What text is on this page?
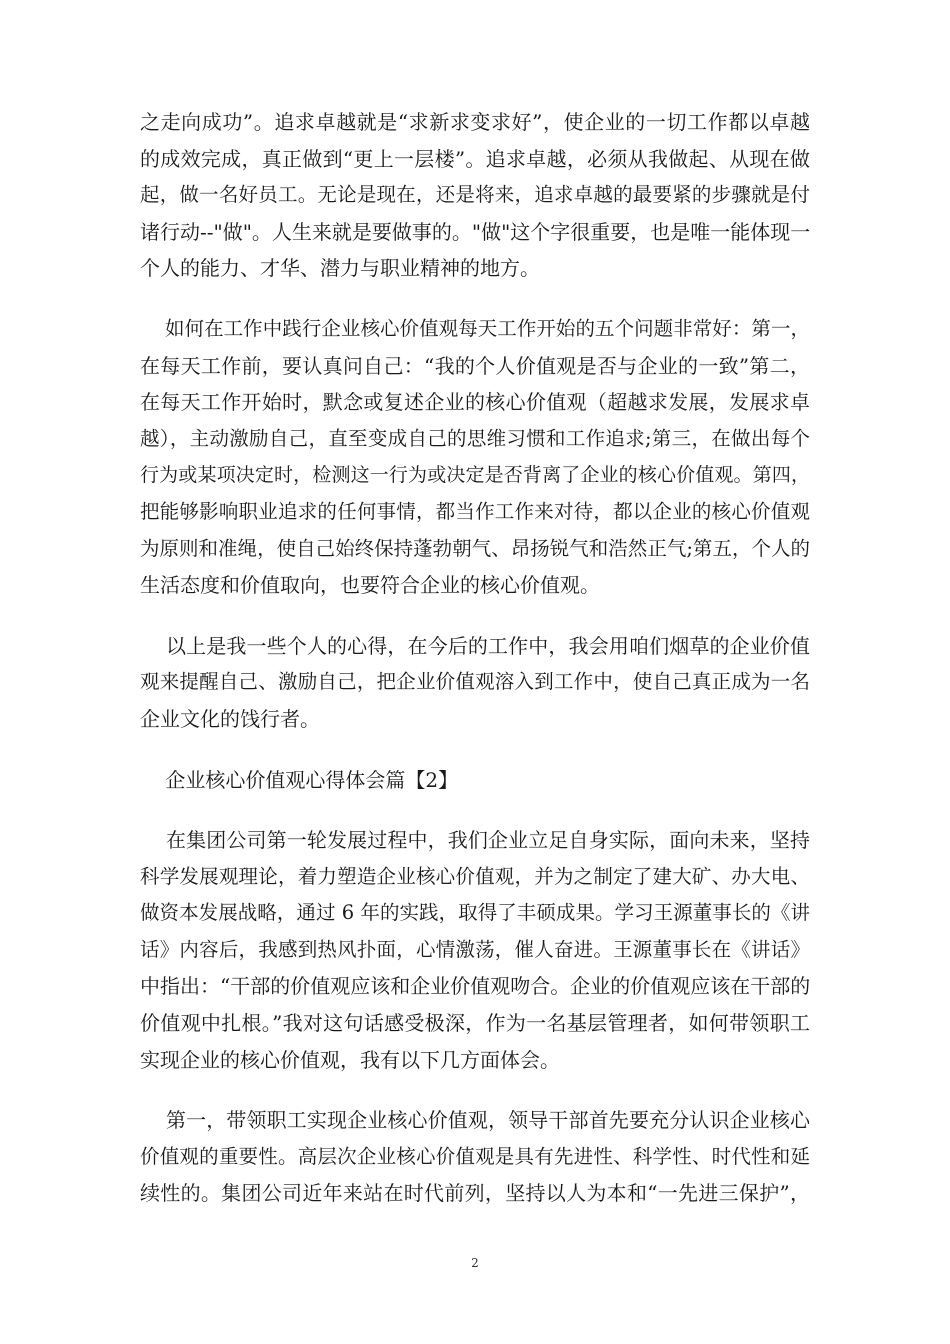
之走向成功”。追求卓越就是“求新求变求好”，使企业的一切工作都以卓越
的成效完成，真正做到“更上一层楼”。追求卓越，必须从我做起、从现在做
起，做一名好员工。无论是现在，还是将来，追求卓越的最要紧的步骤就是付
诸行动--"做"。人生来就是要做事的。"做"这个字很重要，也是唯一能体现一
个人的能力、才华、潜力与职业精神的地方。
如何在工作中践行企业核心价值观每天工作开始的五个问题非常好：第一，
在每天工作前，要认真问自己：“我的个人价值观是否与企业的一致”第二，
在每天工作开始时，默念或复述企业的核心价值观（超越求发展，发展求卓
越），主动激励自己，直至变成自己的思维习惯和工作追求;第三，在做出每个
行为或某项决定时，检测这一行为或决定是否背离了企业的核心价值观。第四，
把能够影响职业追求的任何事情，都当作工作来对待，都以企业的核心价值观
为原则和准绳，使自己始终保持蓬勃朝气、昂扬锐气和浩然正气;第五，个人的
生活态度和价值取向，也要符合企业的核心价值观。
以上是我一些个人的心得，在今后的工作中，我会用咱们烟草的企业价值
观来提醒自己、激励自己，把企业价值观溶入到工作中，使自己真正成为一名
企业文化的饯行者。
企业核心价值观心得体会篇【2】
在集团公司第一轮发展过程中，我们企业立足自身实际，面向未来，坚持
科学发展观理论，着力塑造企业核心价值观，并为之制定了建大矿、办大电、
做资本发展战略，通过 6 年的实践，取得了丰硕成果。学习王源董事长的《讲
话》内容后，我感到热风扑面，心情激荡，催人奋进。王源董事长在《讲话》
中指出：“干部的价值观应该和企业价值观吻合。企业的价值观应该在干部的
价值观中扎根。”我对这句话感受极深，作为一名基层管理者，如何带领职工
实现企业的核心价值观，我有以下几方面体会。
第一，带领职工实现企业核心价值观，领导干部首先要充分认识企业核心
价值观的重要性。高层次企业核心价值观是具有先进性、科学性、时代性和延
续性的。集团公司近年来站在时代前列，坚持以人为本和“一先进三保护”，
2
